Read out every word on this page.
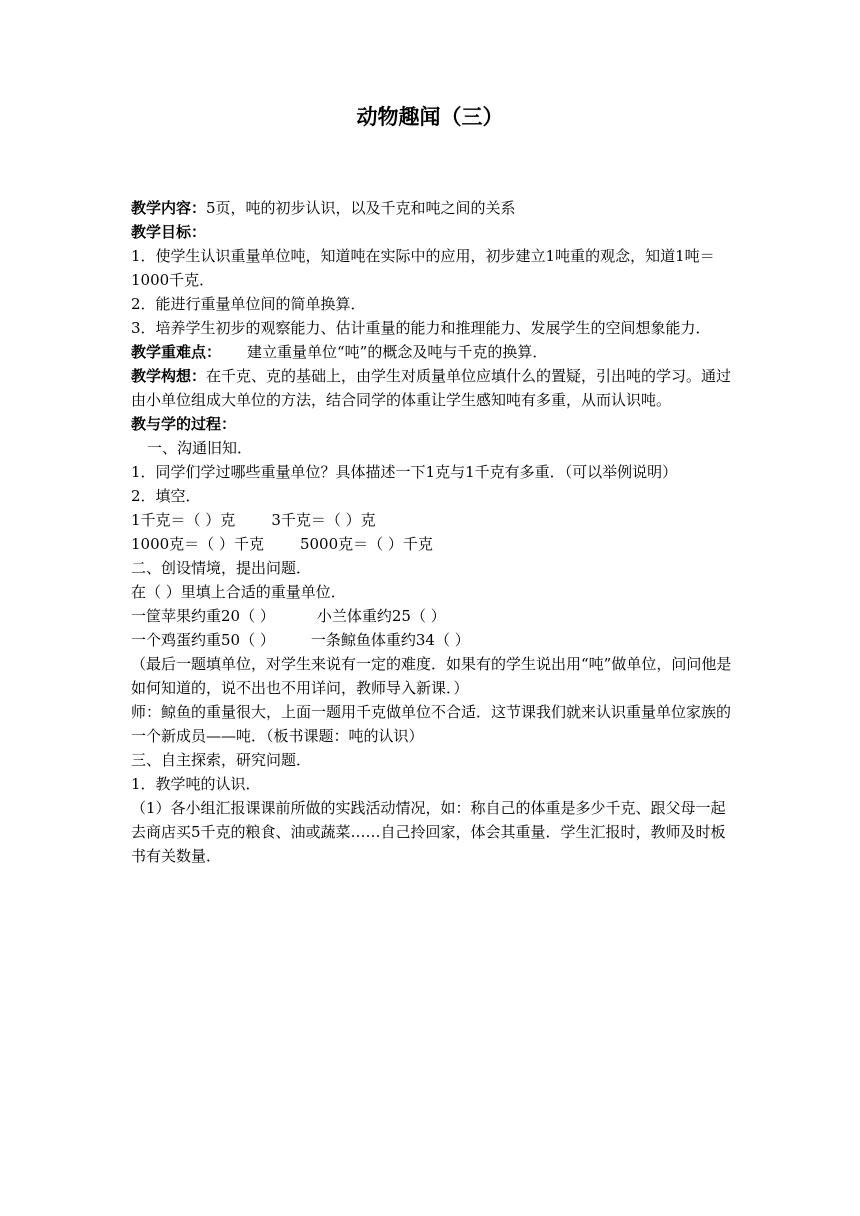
动物趣闻（三）

教学内容：5页，吨的初步认识，以及千克和吨之间的关系

教学目标：

1．使学生认识重量单位吨，知道吨在实际中的应用，初步建立1吨重的观念，知道1吨＝1000千克．

2．能进行重量单位间的简单换算．

3．培养学生初步的观察能力、估计重量的能力和推理能力、发展学生的空间想象能力．

教学重难点： 建立重量单位“吨”的概念及吨与千克的换算．

教学构想：在千克、克的基础上，由学生对质量单位应填什么的置疑，引出吨的学习。通过由小单位组成大单位的方法，结合同学的体重让学生感知吨有多重，从而认识吨。

教与学的过程：

一、沟通旧知．

1．同学们学过哪些重量单位？具体描述一下1克与1千克有多重．（可以举例说明）

2．填空．

1千克＝（ ）克 3千克＝（ ）克

1000克＝（ ）千克 5000克＝（ ）千克

二、创设情境，提出问题．

在（ ）里填上合适的重量单位．

一筐苹果约重20（ ）	小兰体重约25（ ）

一个鸡蛋约重50（ ） 一条鲸鱼体重约34（ ）

（最后一题填单位，对学生来说有一定的难度．如果有的学生说出用“吨”做单位，问问他是如何知道的，说不出也不用详问，教师导入新课．）

师：鲸鱼的重量很大，上面一题用千克做单位不合适．这节课我们就来认识重量单位家族的一个新成员——吨．（板书课题：吨的认识）

三、自主探索，研究问题．

1．教学吨的认识．

（1）各小组汇报课课前所做的实践活动情况，如：称自己的体重是多少千克、跟父母一起去商店买5千克的粮食、油或蔬菜……自己拎回家，体会其重量．学生汇报时，教师及时板书有关数量．
